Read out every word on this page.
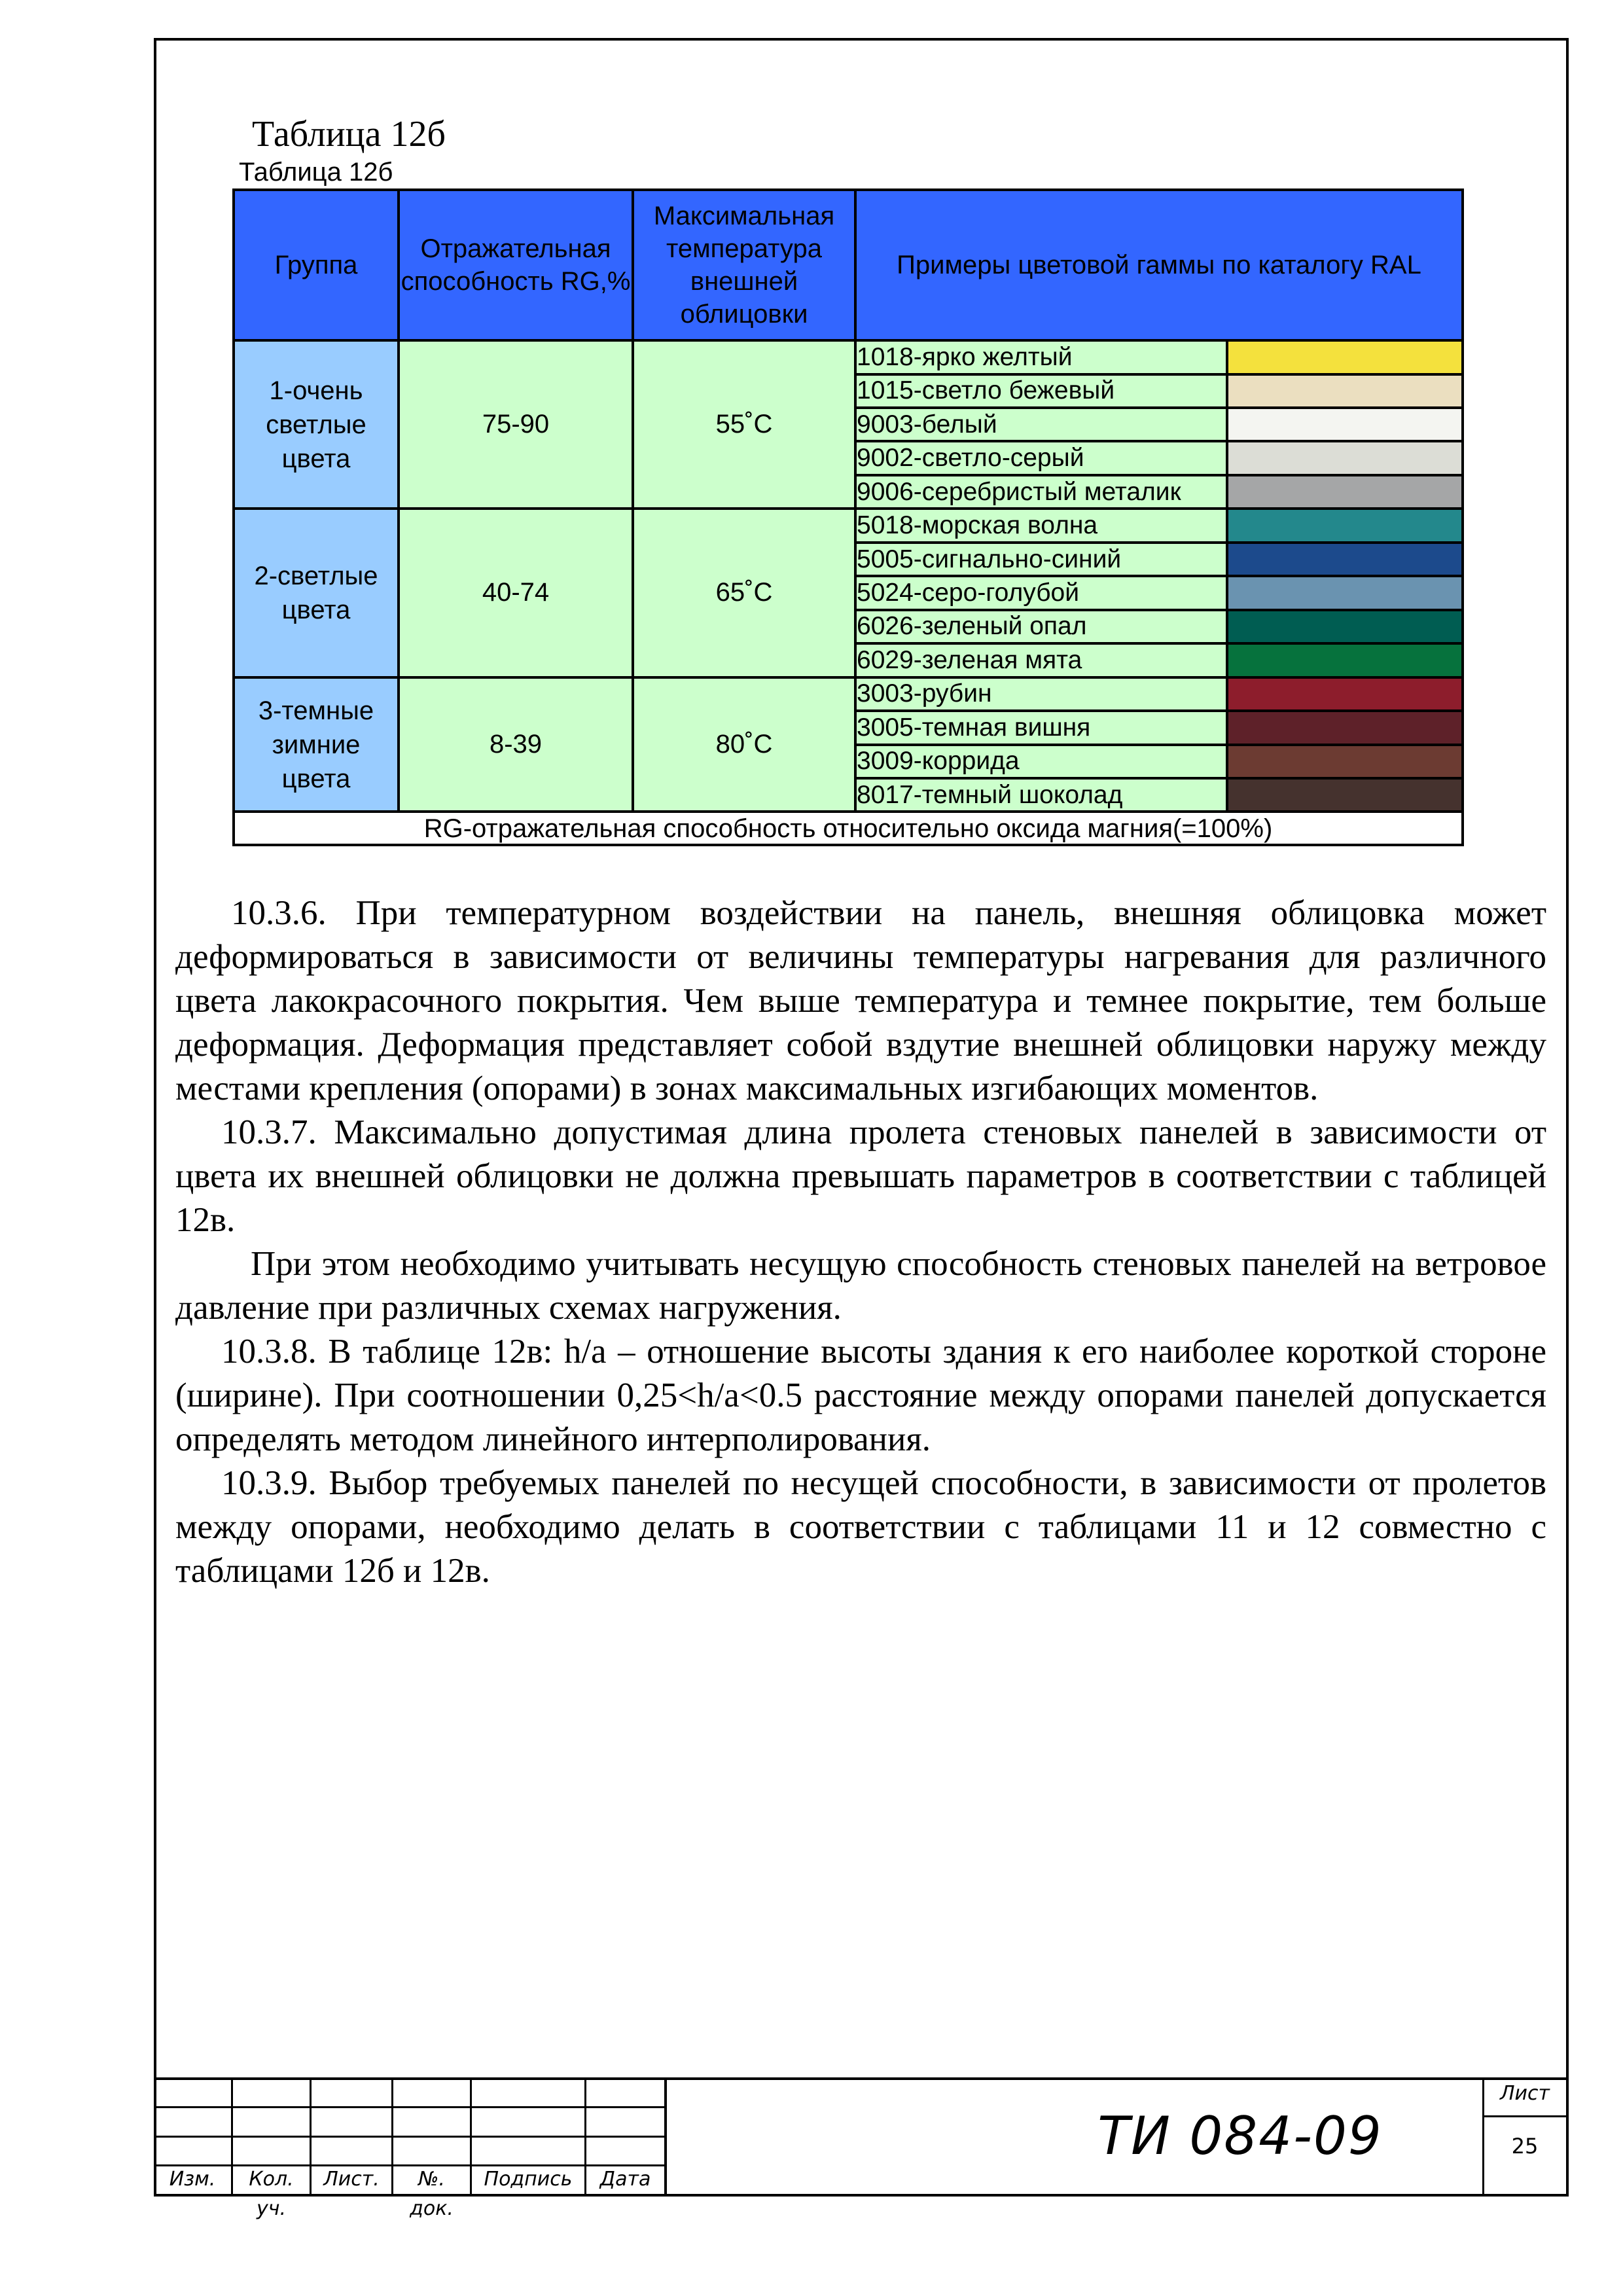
Таблица 12б
Таблица 12б
Группа	Отражательная способность RG,%	Максимальная температура внешней облицовки	Примеры цветовой гаммы по каталогу RAL	
1-очень светлые цвета	75-90	55˚C	1018-ярко желтый	
			1015-светло бежевый	
			9003-белый	
			9002-светло-серый	
			9006-серебристый металик	
2-светлые цвета	40-74	65˚C	5018-морская волна	
			5005-сигнально-синий	
			5024-серо-голубой	
			6026-зеленый опал	
			6029-зеленая мята	
3-темные зимние цвета	8-39	80˚C	3003-рубин	
			3005-темная вишня	
			3009-коррида	
			8017-темный шоколад	
RG-отражательная способность относительно оксида магния(=100%)				

10.3.6. При температурном воздействии на панель, внешняя облицовка может деформироваться в зависимости от величины температуры нагревания для различного цвета лакокрасочного покрытия. Чем выше температура и темнее покрытие, тем больше деформация. Деформация представляет собой вздутие внешней облицовки наружу между местами крепления (опорами) в зонах максимальных изгибающих моментов.

10.3.7. Максимально допустимая длина пролета стеновых панелей в зависимости от цвета их внешней облицовки не должна превышать параметров в соответствии с таблицей 12в.

При этом необходимо учитывать несущую способность стеновых панелей на ветровое давление при различных схемах нагружения.

10.3.8. В таблице 12в: h/a – отношение высоты здания к его наиболее короткой стороне (ширине). При соотношении 0,25<h/a<0.5 расстояние между опорами панелей допускается определять методом линейного интерполирования.

10.3.9. Выбор требуемых панелей по несущей способности, в зависимости от пролетов между опорами, необходимо делать в соответствии с таблицами 11 и 12 совместно с таблицами 12б и 12в.

Изм.	Кол. уч.
Лист.	№. док.
Подпись	Дата
ТИ 084-09
Лист
25
